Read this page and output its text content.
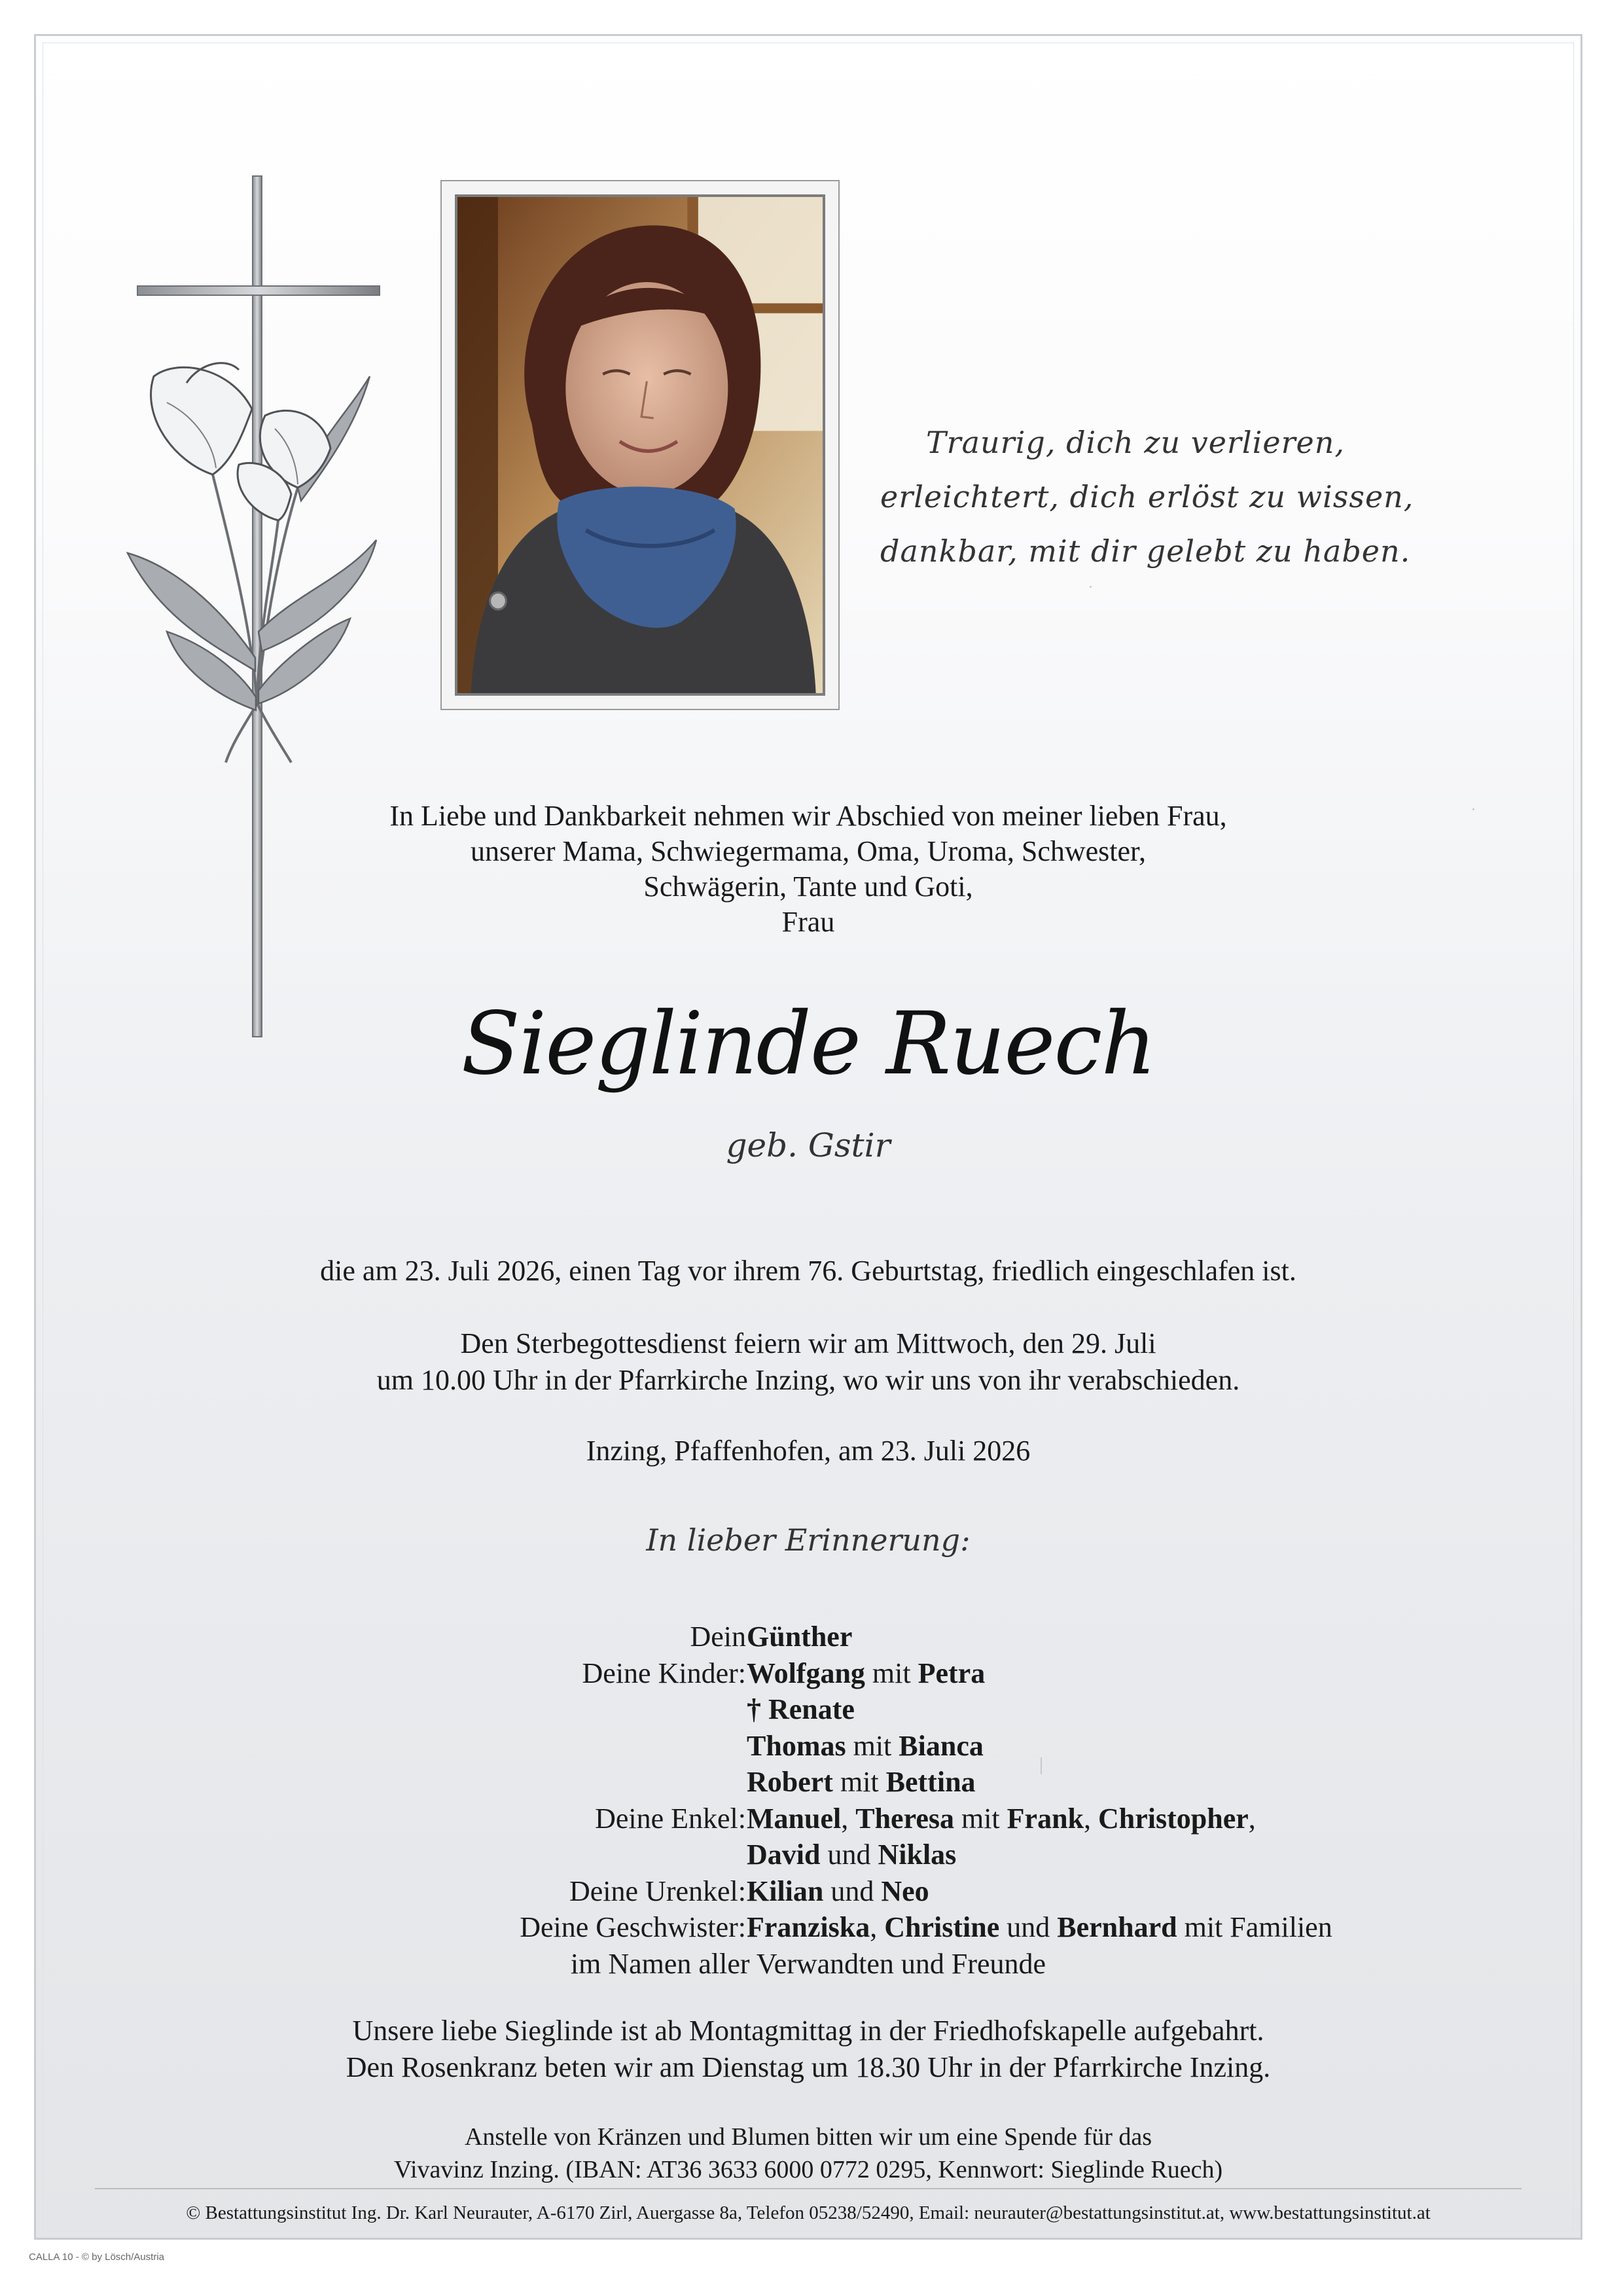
Traurig, dich zu verlieren,
erleichtert, dich erlöst zu wissen,
dankbar, mit dir gelebt zu haben.
In Liebe und Dankbarkeit nehmen wir Abschied von meiner lieben Frau,
unserer Mama, Schwiegermama, Oma, Uroma, Schwester,
Schwägerin, Tante und Goti,
Frau
Sieglinde Ruech
geb. Gstir
die am 23. Juli 2026, einen Tag vor ihrem 76. Geburtstag, friedlich eingeschlafen ist.
Den Sterbegottesdienst feiern wir am Mittwoch, den 29. Juli
um 10.00 Uhr in der Pfarrkirche Inzing, wo wir uns von ihr verabschieden.
Inzing, Pfaffenhofen, am 23. Juli 2026
In lieber Erinnerung:
Dein Günther
Deine Kinder: Wolfgang mit Petra
† Renate
Thomas mit Bianca
Robert mit Bettina
Deine Enkel: Manuel, Theresa mit Frank, Christopher,
David und Niklas
Deine Urenkel: Kilian und Neo
Deine Geschwister: Franziska, Christine und Bernhard mit Familien
im Namen aller Verwandten und Freunde
Unsere liebe Sieglinde ist ab Montagmittag in der Friedhofskapelle aufgebahrt.
Den Rosenkranz beten wir am Dienstag um 18.30 Uhr in der Pfarrkirche Inzing.
Anstelle von Kränzen und Blumen bitten wir um eine Spende für das
Vivavinz Inzing. (IBAN: AT36 3633 6000 0772 0295, Kennwort: Sieglinde Ruech)
© Bestattungsinstitut Ing. Dr. Karl Neurauter, A-6170 Zirl, Auergasse 8a, Telefon 05238/52490, Email: neurauter@bestattungsinstitut.at, www.bestattungsinstitut.at
CALLA 10 - © by Lösch/Austria
